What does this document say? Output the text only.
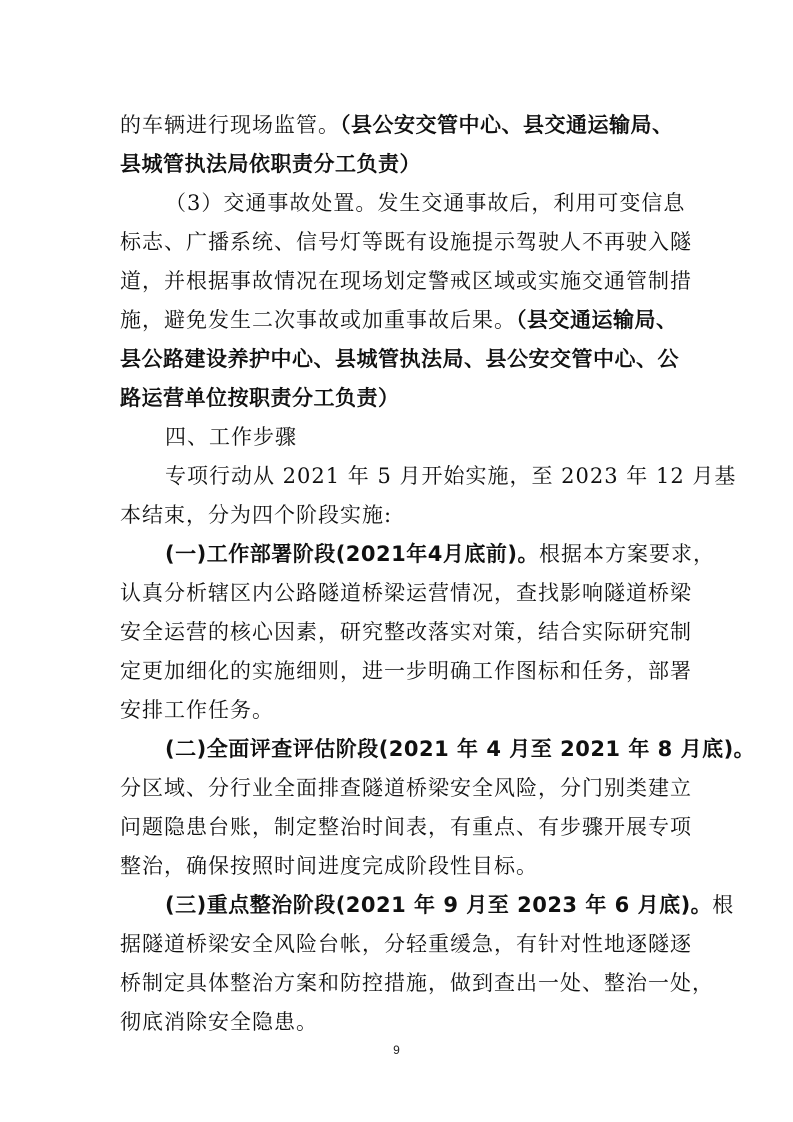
的车辆进行现场监管。（县公安交管中心、县交通运输局、
县城管执法局依职责分工负责）
（3）交通事故处置。发生交通事故后，利用可变信息
标志、广播系统、信号灯等既有设施提示驾驶人不再驶入隧
道，并根据事故情况在现场划定警戒区域或实施交通管制措
施，避免发生二次事故或加重事故后果。（县交通运输局、
县公路建设养护中心、县城管执法局、县公安交管中心、公
路运营单位按职责分工负责）
四、工作步骤
专项行动从 2021 年 5 月开始实施，至 2023 年 12 月基
本结束，分为四个阶段实施:
(一)工作部署阶段(2021年4月底前)。根据本方案要求，
认真分析辖区内公路隧道桥梁运营情况，查找影响隧道桥梁
安全运营的核心因素，研究整改落实对策，结合实际研究制
定更加细化的实施细则，进一步明确工作图标和任务，部署
安排工作任务。
(二)全面评查评估阶段(2021 年 4 月至 2021 年 8 月底)。
分区域、分行业全面排查隧道桥梁安全风险，分门别类建立
问题隐患台账，制定整治时间表，有重点、有步骤开展专项
整治，确保按照时间进度完成阶段性目标。
(三)重点整治阶段(2021 年 9 月至 2023 年 6 月底)。根
据隧道桥梁安全风险台帐，分轻重缓急，有针对性地逐隧逐
桥制定具体整治方案和防控措施，做到查出一处、整治一处，
彻底消除安全隐患。
9
